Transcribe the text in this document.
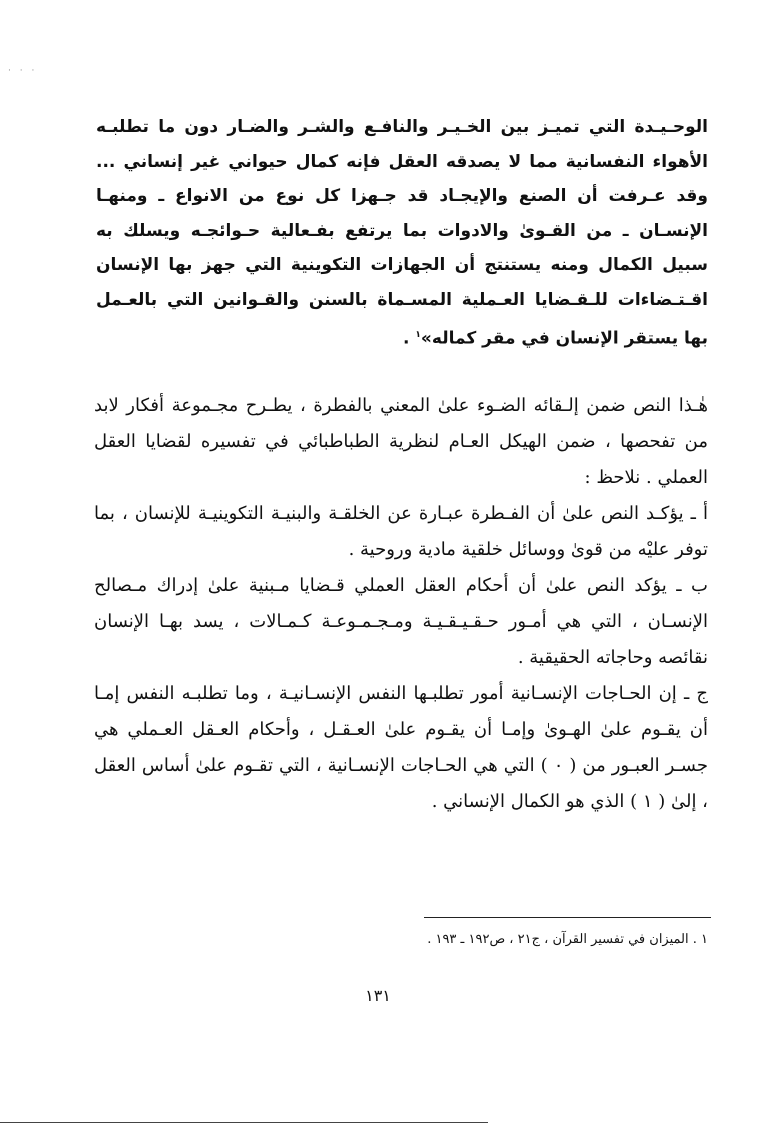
· · ·
الوحـيـدة التي تميـز بين الخـيـر والنافـع والشـر والضـار دون ما تطلبـه الأهواء النفسانية مما لا يصدقه العقل فإنه كمال حيواني غير إنساني ... وقد عـرفت أن الصنع والإيجـاد قد جـهزا كل نوع من الانواع ـ ومنهـا الإنسـان ـ من القـوىٰ والادوات بما يرتفع بفـعالية حـوائجـه ويسلك به سبيل الكمال ومنه يستنتج أن الجهازات التكوينية التي جهز بها الإنسان اقـتـضاءات للـقـضايا العـملية المسـماة بالسنن والقـوانين التي بالعـمل بها يستقر الإنسان في مقر كماله»$^١$ .

هٰـذا النص ضمن إلـقائه الضـوء علىٰ المعني بالفطرة ، يطـرح مجـموعة أفكار لابد من تفحصها ، ضمن الهيكل العـام لنظرية الطباطبائي في تفسيره لقضايا العقل العملي . نلاحظ :

أ ـ يؤكـد النص علىٰ أن الفـطرة عبـارة عن الخلقـة والبنيـة التكوينيـة للإنسان ، بما توفر عليْه من قوىٰ ووسائل خلقية مادية وروحية .

ب ـ يؤكد النص علىٰ أن أحكام العقل العملي قـضايا مـبنية علىٰ إدراك مـصالح الإنسـان ، التي هي أمـور حـقـيـقـيـة ومـجـمـوعـة كـمـالات ، يسد بهـا الإنسان نقائصه وحاجاته الحقيقية .

ج ـ إن الحـاجات الإنسـانية أمور تطلبـها النفس الإنسـانيـة ، وما تطلبـه النفس إمـا أن يقـوم علىٰ الهـوىٰ وإمـا أن يقـوم علىٰ العـقـل ، وأحكام العـقل العـملي هي جسـر العبـور من ( ٠ ) التي هي الحـاجات الإنسـانية ، التي تقـوم علىٰ أساس العقل ، إلىٰ ( ١ ) الذي هو الكمال الإنساني .

١ . الميزان في تفسير القرآن ، ج٢١ ، ص١٩٢ ـ ١٩٣ .
١٣١
